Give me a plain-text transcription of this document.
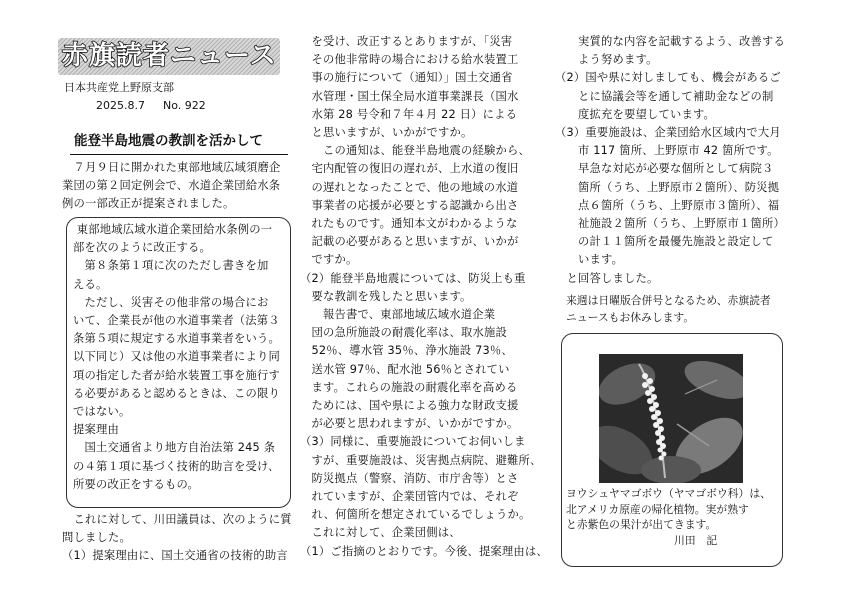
赤旗読者ニュース
日本共産党上野原支部
2025.8.7 No. 922
能登半島地震の教訓を活かして
　７月９日に開かれた東部地域広域須磨企
業団の第２回定例会で、水道企業団給水条
例の一部改正が提案されました。
東部地域広域水道企業団給水条例の一
部を次のように改正する。
　第８条第１項に次のただし書きを加
える。
　ただし、災害その他非常の場合にお
いて、企業長が他の水道事業者（法第３
条第５項に規定する水道事業者をいう。
以下同じ）又は他の水道事業者により同
項の指定した者が給水装置工事を施行す
る必要があると認めるときは、この限り
ではない。
提案理由
　国土交通省より地方自治法第 245 条
の４第１項に基づく技術的助言を受け、
所要の改正をするもの。
　これに対して、川田議員は、次のように質
問しました。
（1）提案理由に、国土交通省の技術的助言
　を受け、改正するとありますが、「災害
　その他非常時の場合における給水装置工
　事の施行について（通知）」国土交通省
　水管理・国土保全局水道事業課長（国水
　水第 28 号令和７年４月 22 日）による
　と思いますが、いかがですか。
　　この通知は、能登半島地震の経験から、
　宅内配管の復旧の遅れが、上水道の復旧
　の遅れとなったことで、他の地域の水道
　事業者の応援が必要とする認識から出さ
　れたものです。通知本文がわかるような
　記載の必要があると思いますが、いかが
　ですか。
（2）能登半島地震については、防災上も重
　要な教訓を残したと思います。
　　報告書で、東部地域広域水道企業
　団の急所施設の耐震化率は、取水施設
　52％、導水管 35％、浄水施設 73％、
　送水管 97％、配水池 56％とされてい
　ます。これらの施設の耐震化率を高める
　ためには、国や県による強力な財政支援
　が必要と思われますが、いかがですか。
（3）同様に、重要施設についてお伺いしま
　すが、重要施設は、災害拠点病院、避難所、
　防災拠点（警察、消防、市庁舎等）とさ
　れていますが、企業団管内では、それぞ
　れ、何箇所を想定されているでしょうか。
　これに対して、企業団側は、
（1）ご指摘のとおりです。今後、提案理由は、
　　実質的な内容を記載するよう、改善する
　　よう努めます。
（2）国や県に対しましても、機会があるご
　　とに協議会等を通して補助金などの制
　　度拡充を要望しています。
（3）重要施設は、企業団給水区域内で大月
　　市 117 箇所、上野原市 42 箇所です。
　　早急な対応が必要な個所として病院３
　　箇所（うち、上野原市２箇所）、防災拠
　　点６箇所（うち、上野原市３箇所）、福
　　祉施設２箇所（うち、上野原市１箇所）
　　の計１１箇所を最優先施設と設定して
　　います。
　と回答しました。
来週は日曜版合併号となるため、赤旗読者
ニュースもお休みします。
ヨウシュヤマゴボウ（ヤマゴボウ科）は、
北アメリカ原産の帰化植物。実が熟す
と赤紫色の果汁が出てきます。
　　　　　　　　　　川田　記
